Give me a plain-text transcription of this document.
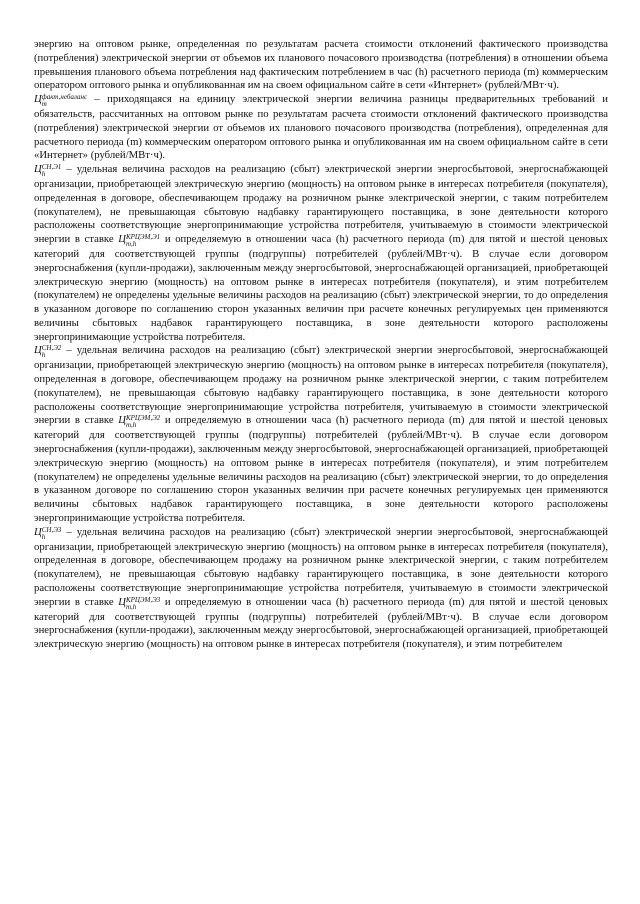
энергию на оптовом рынке, определенная по результатам расчета стоимости отклонений фактического производства (потребления) электрической энергии от объемов их планового почасового производства (потребления) в отношении объема превышения планового объема потребления над фактическим потреблением в час (h) расчетного периода (m) коммерческим оператором оптового рынка и опубликованная им на своем официальном сайте в сети «Интернет» (рублей/МВт·ч).

Ц факт,небаланс
m	– приходящаяся на единицу электрической энергии величина разницы предварительных требований и обязательств, рассчитанных на оптовом рынке по результатам расчета стоимости отклонений фактического производства (потребления) электрической энергии от объемов их планового почасового производства (потребления), определенная для расчетного периода (m) коммерческим оператором оптового рынка и опубликованная им на своем официальном сайте в сети «Интернет» (рублей/МВт·ч).

Ц СН,Э1
h	– удельная величина расходов на реализацию (сбыт) электрической энергии энергосбытовой, энергоснабжающей организации, приобретающей электрическую энергию (мощность) на оптовом рынке в интересах потребителя (покупателя), определенная в договоре, обеспечивающем продажу на розничном рынке электрической энергии, с таким потребителем (покупателем), не превышающая сбытовую надбавку гарантирующего поставщика, в зоне деятельности которого расположены соответствующие энергопринимающие устройства потребителя, учитываемую в стоимости электрической энергии в ставке Ц КРЦЭМ,Э1
m,h	и определяемую в отношении часа (h) расчетного периода (m) для пятой и шестой ценовых категорий для соответствующей группы (подгруппы) потребителей (рублей/МВт·ч). В случае если договором энергоснабжения (купли-продажи), заключенным между энергосбытовой, энергоснабжающей организацией, приобретающей электрическую энергию (мощность) на оптовом рынке в интересах потребителя (покупателя), и этим потребителем (покупателем) не определены удельные величины расходов на реализацию (сбыт) электрической энергии, то до определения в указанном договоре по соглашению сторон указанных величин при расчете конечных регулируемых цен применяются величины сбытовых надбавок гарантирующего поставщика, в зоне деятельности которого расположены энергопринимающие устройства потребителя.

Ц СН,Э2
h	– удельная величина расходов на реализацию (сбыт) электрической энергии энергосбытовой, энергоснабжающей организации, приобретающей электрическую энергию (мощность) на оптовом рынке в интересах потребителя (покупателя), определенная в договоре, обеспечивающем продажу на розничном рынке электрической энергии, с таким потребителем (покупателем), не превышающая сбытовую надбавку гарантирующего поставщика, в зоне деятельности которого расположены соответствующие энергопринимающие устройства потребителя, учитываемую в стоимости электрической энергии в ставке Ц КРЦЭМ,Э2
m,h	и определяемую в отношении часа (h) расчетного периода (m) для пятой и шестой ценовых категорий для соответствующей группы (подгруппы) потребителей (рублей/МВт·ч). В случае если договором энергоснабжения (купли-продажи), заключенным между энергосбытовой, энергоснабжающей организацией, приобретающей электрическую энергию (мощность) на оптовом рынке в интересах потребителя (покупателя), и этим потребителем (покупателем) не определены удельные величины расходов на реализацию (сбыт) электрической энергии, то до определения в указанном договоре по соглашению сторон указанных величин при расчете конечных регулируемых цен применяются величины сбытовых надбавок гарантирующего поставщика, в зоне деятельности которого расположены энергопринимающие устройства потребителя.

Ц СН,Э3
h	– удельная величина расходов на реализацию (сбыт) электрической энергии энергосбытовой, энергоснабжающей организации, приобретающей электрическую энергию (мощность) на оптовом рынке в интересах потребителя (покупателя), определенная в договоре, обеспечивающем продажу на розничном рынке электрической энергии, с таким потребителем (покупателем), не превышающая сбытовую надбавку гарантирующего поставщика, в зоне деятельности которого расположены соответствующие энергопринимающие устройства потребителя, учитываемую в стоимости электрической энергии в ставке Ц КРЦЭМ,Э3
m,h	и определяемую в отношении часа (h) расчетного периода (m) для пятой и шестой ценовых категорий для соответствующей группы (подгруппы) потребителей (рублей/МВт·ч). В случае если договором энергоснабжения (купли-продажи), заключенным между энергосбытовой, энергоснабжающей организацией, приобретающей электрическую энергию (мощность) на оптовом рынке в интересах потребителя (покупателя), и этим потребителем
